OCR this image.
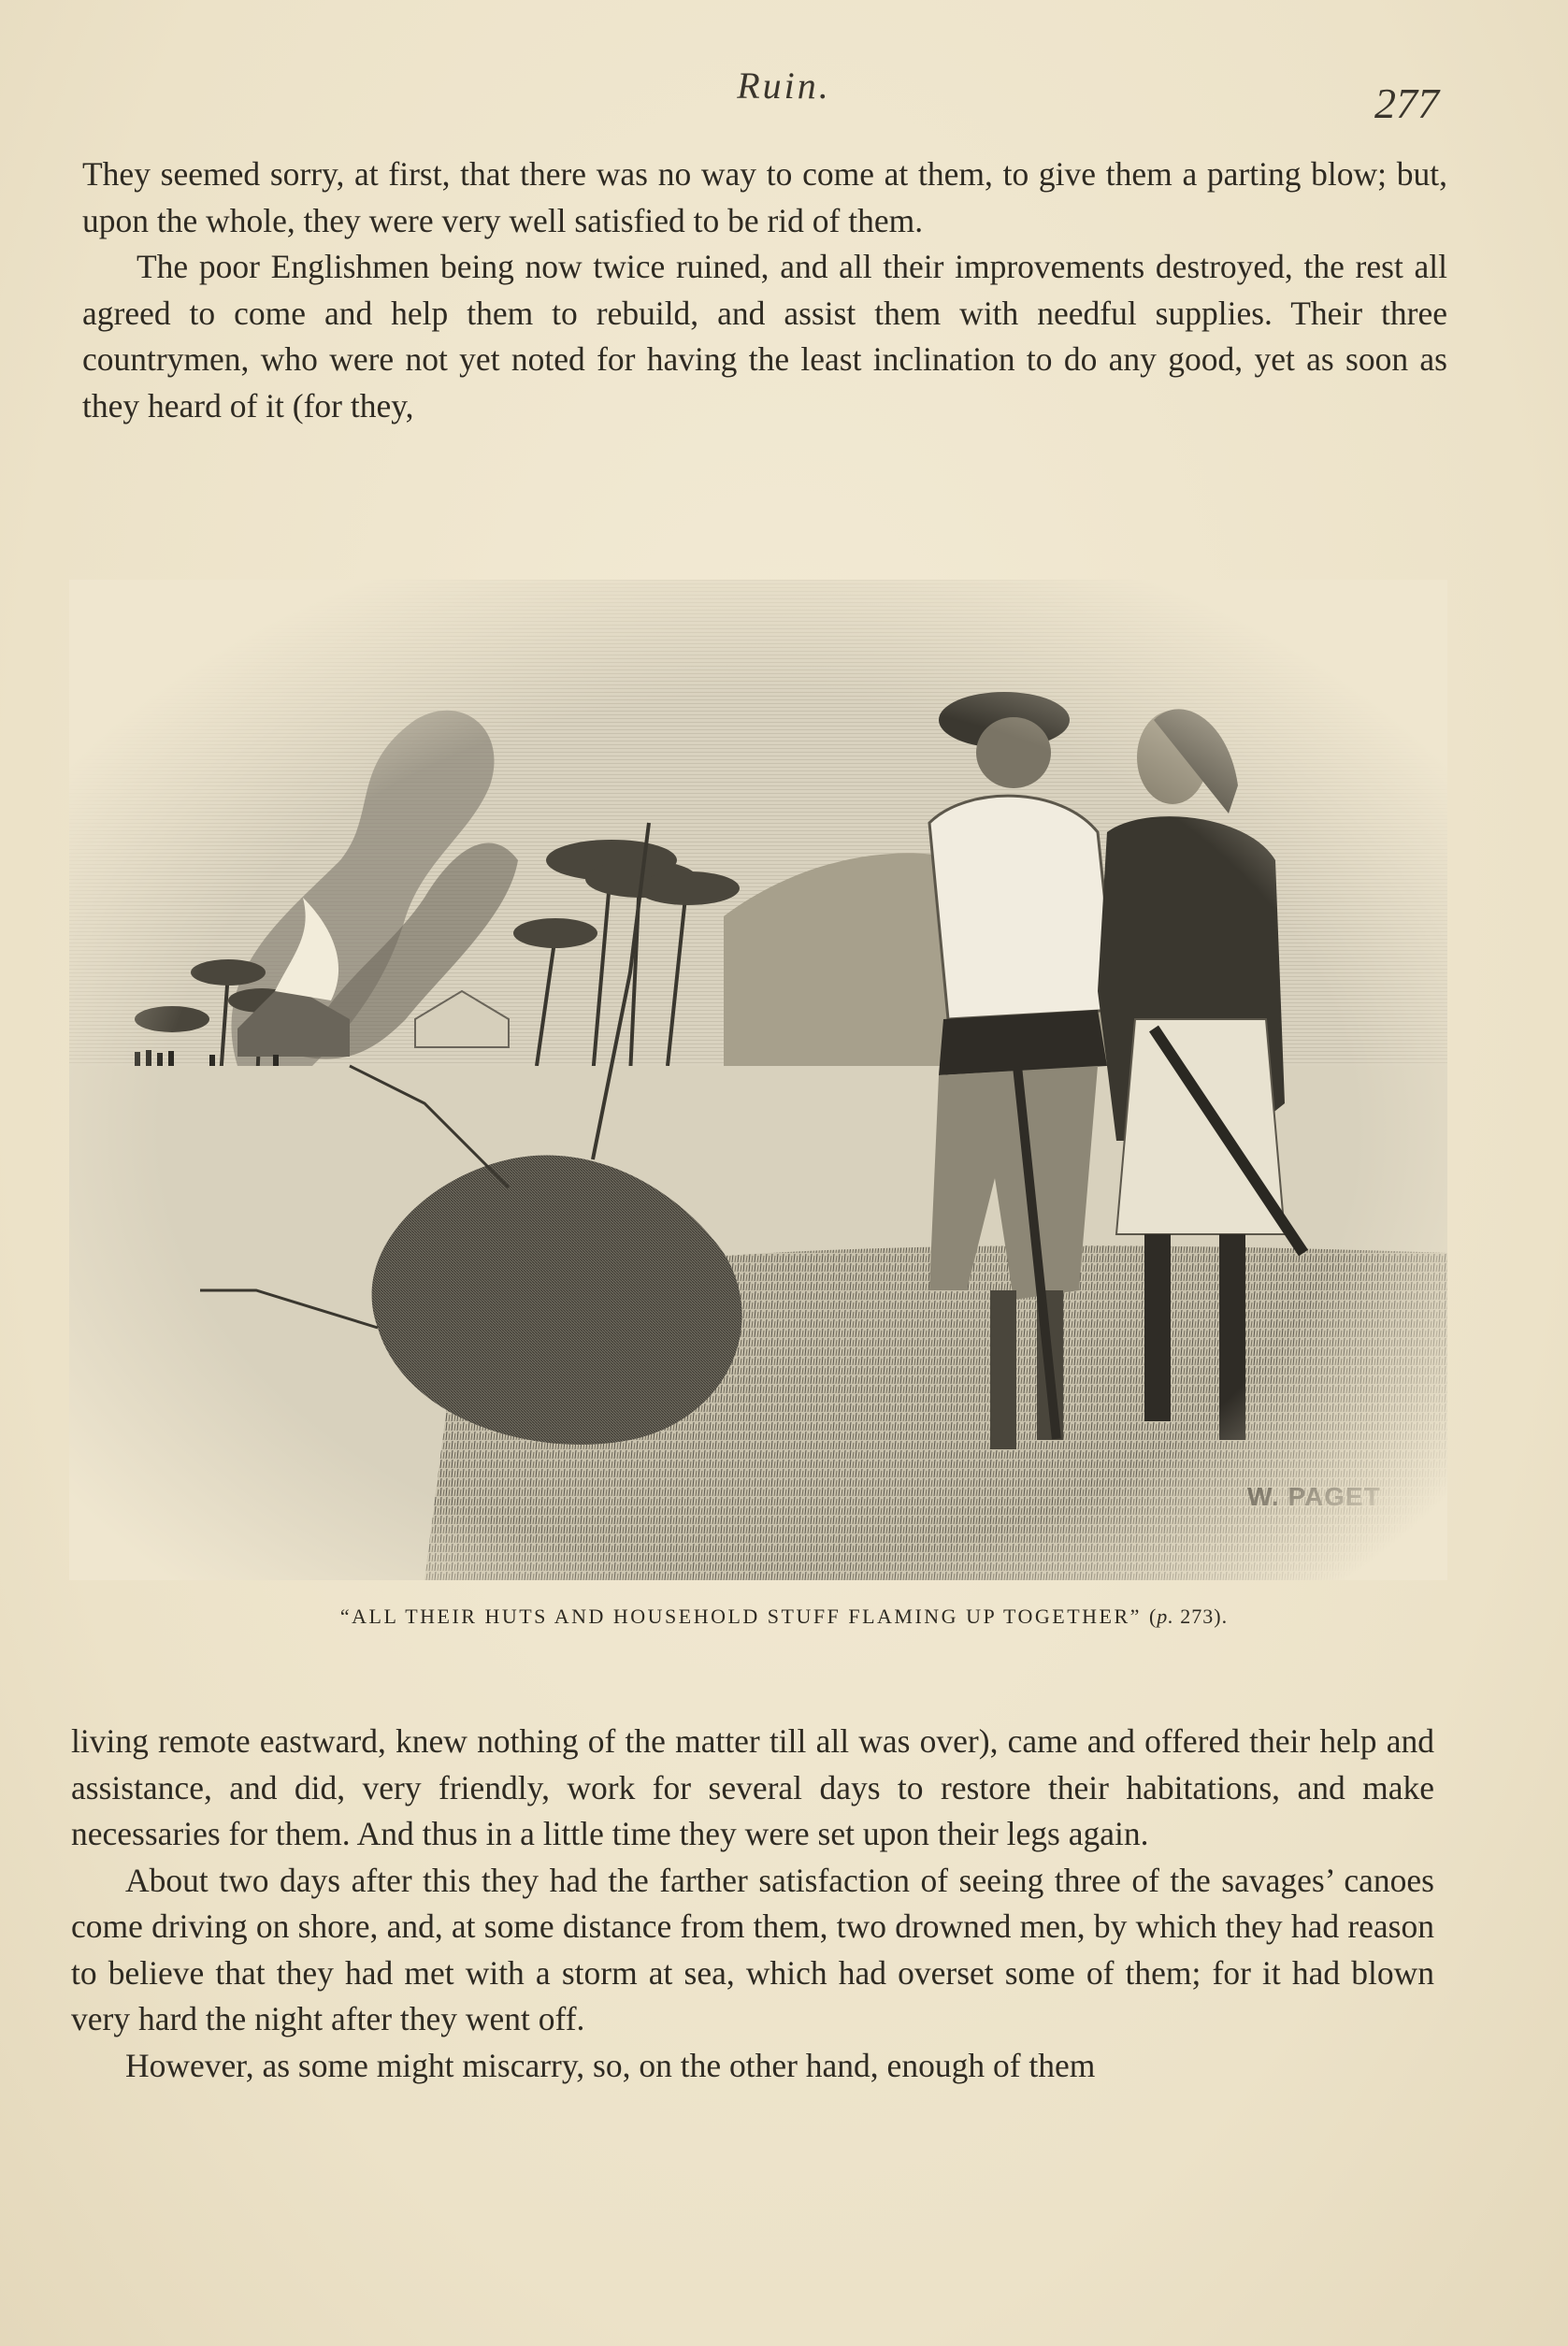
Ruin.	277

They seemed sorry, at first, that there was no way to come at them, to give them a parting blow; but, upon the whole, they were very well satisfied to be rid of them.

The poor Englishmen being now twice ruined, and all their improvements destroyed, the rest all agreed to come and help them to rebuild, and assist them with needful supplies. Their three countrymen, who were not yet noted for having the least inclination to do any good, yet as soon as they heard of it (for they,

“ALL THEIR HUTS AND HOUSEHOLD STUFF FLAMING UP TOGETHER” (p. 273).

living remote eastward, knew nothing of the matter till all was over), came and offered their help and assistance, and did, very friendly, work for several days to restore their habitations, and make necessaries for them. And thus in a little time they were set upon their legs again.

About two days after this they had the farther satisfaction of seeing three of the savages’ canoes come driving on shore, and, at some distance from them, two drowned men, by which they had reason to believe that they had met with a storm at sea, which had overset some of them; for it had blown very hard the night after they went off.

However, as some might miscarry, so, on the other hand, enough of them
